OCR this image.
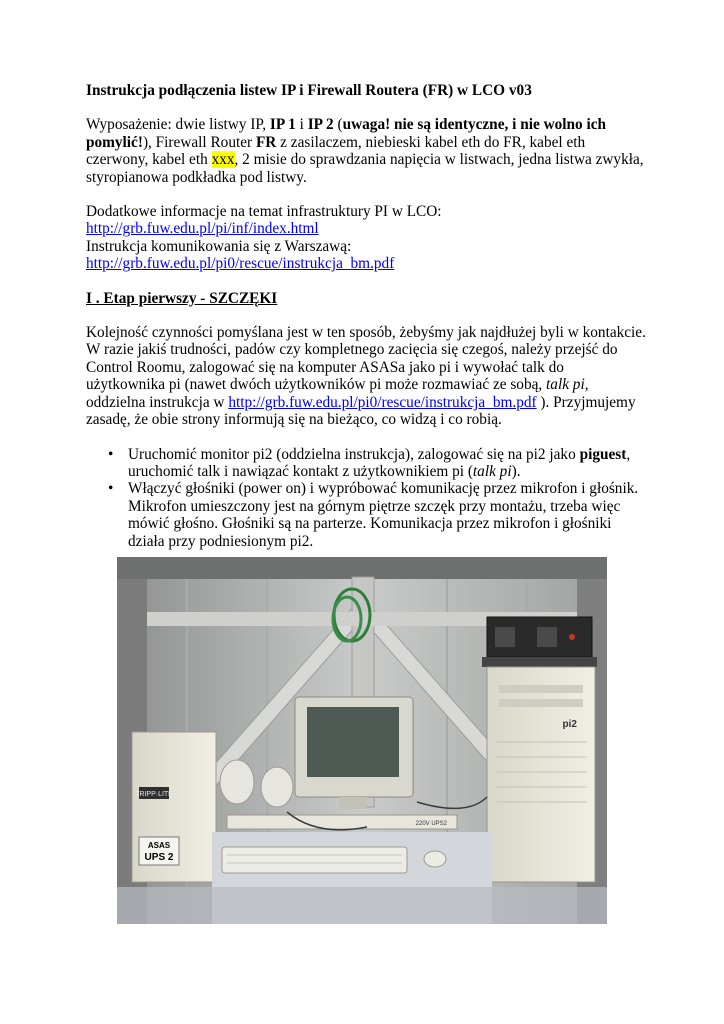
Instrukcja podłączenia listew IP i Firewall Routera (FR) w LCO v03

Wyposażenie: dwie listwy IP, IP 1 i IP 2 (uwaga! nie są identyczne, i nie wolno ich pomylić!), Firewall Router FR z zasilaczem, niebieski kabel eth do FR, kabel eth czerwony, kabel eth xxx, 2 misie do sprawdzania napięcia w listwach, jedna listwa zwykła, styropianowa podkładka pod listwy.

Dodatkowe informacje na temat infrastruktury PI w LCO:

http://grb.fuw.edu.pl/pi/inf/index.html

Instrukcja komunikowania się z Warszawą:

http://grb.fuw.edu.pl/pi0/rescue/instrukcja_bm.pdf

I . Etap pierwszy - SZCZĘKI

Kolejność czynności pomyślana jest w ten sposób, żebyśmy jak najdłużej byli w kontakcie. W razie jakiś trudności, padów czy kompletnego zacięcia się czegoś, należy przejść do Control Roomu, zalogować się na komputer ASASa jako pi i wywołać talk do użytkownika pi (nawet dwóch użytkowników pi może rozmawiać ze sobą, talk pi, oddzielna instrukcja w http://grb.fuw.edu.pl/pi0/rescue/instrukcja_bm.pdf ). Przyjmujemy zasadę, że obie strony informują się na bieżąco, co widzą i co robią.

• Uruchomić monitor pi2 (oddzielna instrukcja), zalogować się na pi2 jako piguest, uruchomić talk i nawiązać kontakt z użytkownikiem pi (talk pi).
• Włączyć głośniki (power on) i wypróbować komunikację przez mikrofon i głośnik. Mikrofon umieszczony jest na górnym piętrze szczęk przy montażu, trzeba więc mówić głośno. Głośniki są na parterze. Komunikacja przez mikrofon i głośniki działa przy podniesionym pi2.
TRIPP·LITE
ASAS
UPS 2
pi2
220V UPS2
